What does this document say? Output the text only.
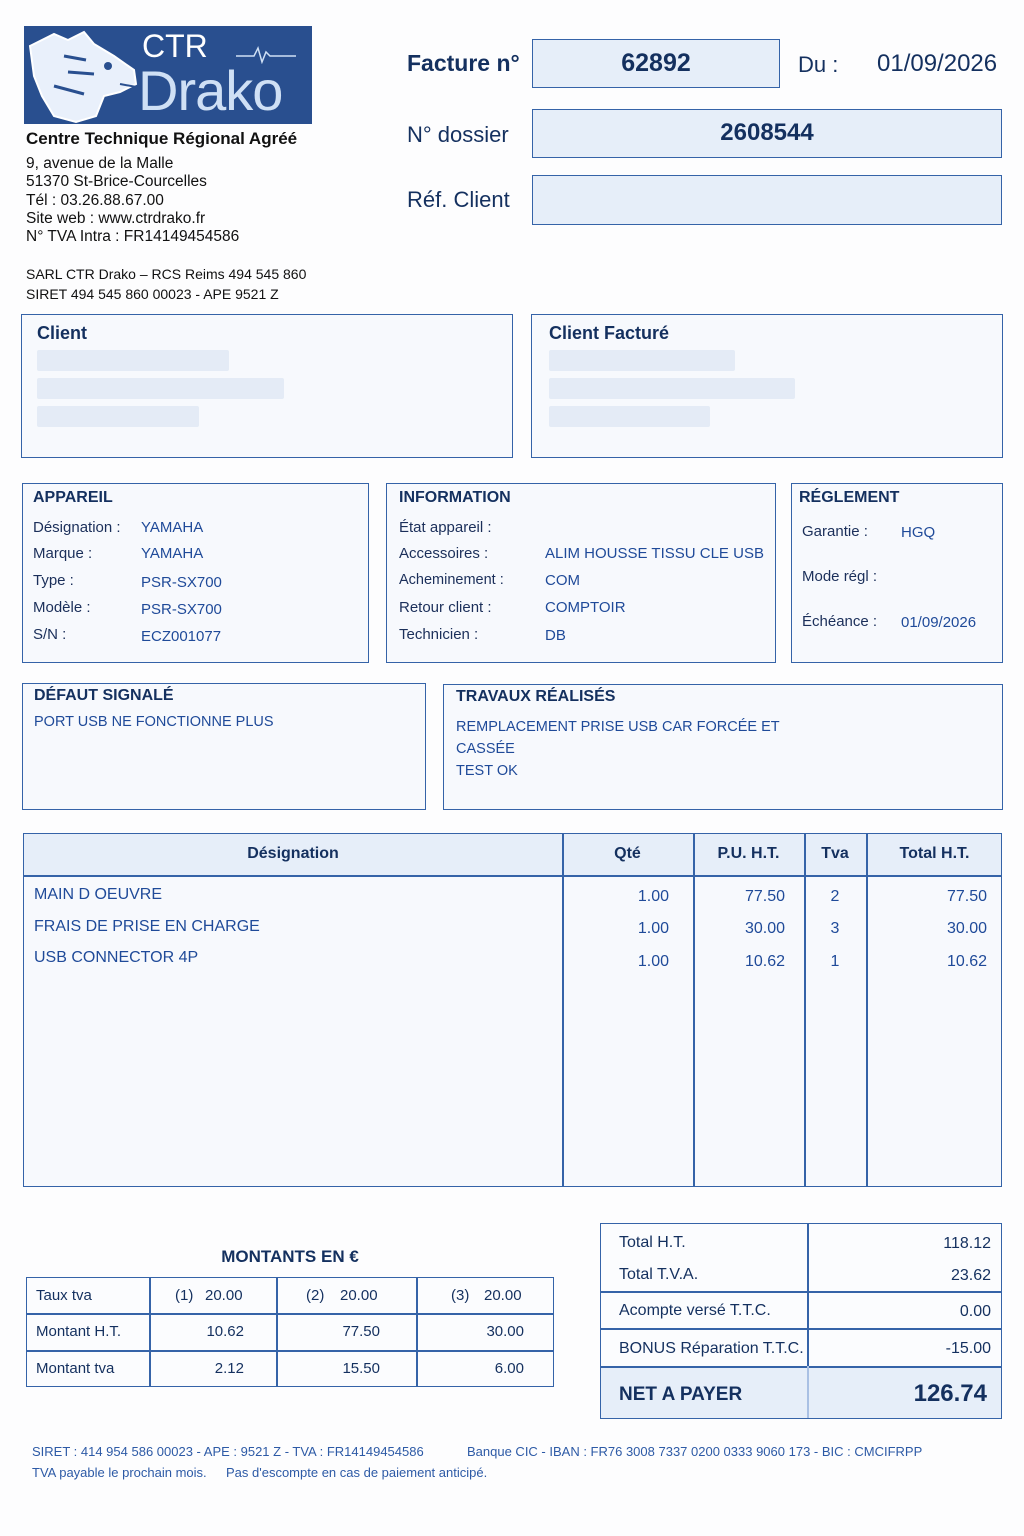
CTR
Drako
Centre Technique Régional Agréé
9, avenue de la Malle
51370 St-Brice-Courcelles
Tél : 03.26.88.67.00
Site web : www.ctrdrako.fr
N° TVA Intra : FR14149454586
SARL CTR Drako – RCS Reims 494 545 860
SIRET 494 545 860 00023 - APE 9521 Z
Facture n°	62892	Du : 01/09/2026
N° dossier	2608544
Réf. Client
Client	Client Facturé
APPAREIL
Désignation : YAMAHA
Marque :	YAMAHA
Type :	PSR-SX700
Modèle :	PSR-SX700
S/N :	ECZ001077
INFORMATION
État appareil :
Accessoires :	ALIM HOUSSE TISSU CLE USB
Acheminement :	COM
Retour client :	COMPTOIR
Technicien :	DB
RÉGLEMENT
Garantie : HGQ
Mode régl :
Échéance : 01/09/2026
DÉFAUT SIGNALÉ
PORT USB NE FONCTIONNE PLUS
TRAVAUX RÉALISÉS
REMPLACEMENT PRISE USB CAR FORCÉE ET
CASSÉE
TEST OK
Désignation	Qté	P.U. H.T.	Tva	Total H.T.
MAIN D OEUVRE	1.00	77.50	2	77.50
FRAIS DE PRISE EN CHARGE	1.00	30.00	3	30.00
USB CONNECTOR 4P	1.00	10.62	1	10.62
MONTANTS EN €
Taux tva	(1) 20.00	(2) 20.00	(3) 20.00
Montant H.T.	10.62	77.50	30.00
Montant tva	2.12	15.50	6.00
Total H.T.	118.12
Total T.V.A.	23.62
Acompte versé T.T.C.	0.00
BONUS Réparation T.T.C.	-15.00
NET A PAYER	126.74
SIRET : 414 954 586 00023 - APE : 9521 Z - TVA : FR14149454586	Banque CIC - IBAN : FR76 3008 7337 0200 0333 9060 173 - BIC : CMCIFRPP
TVA payable le prochain mois. Pas d'escompte en cas de paiement anticipé.
